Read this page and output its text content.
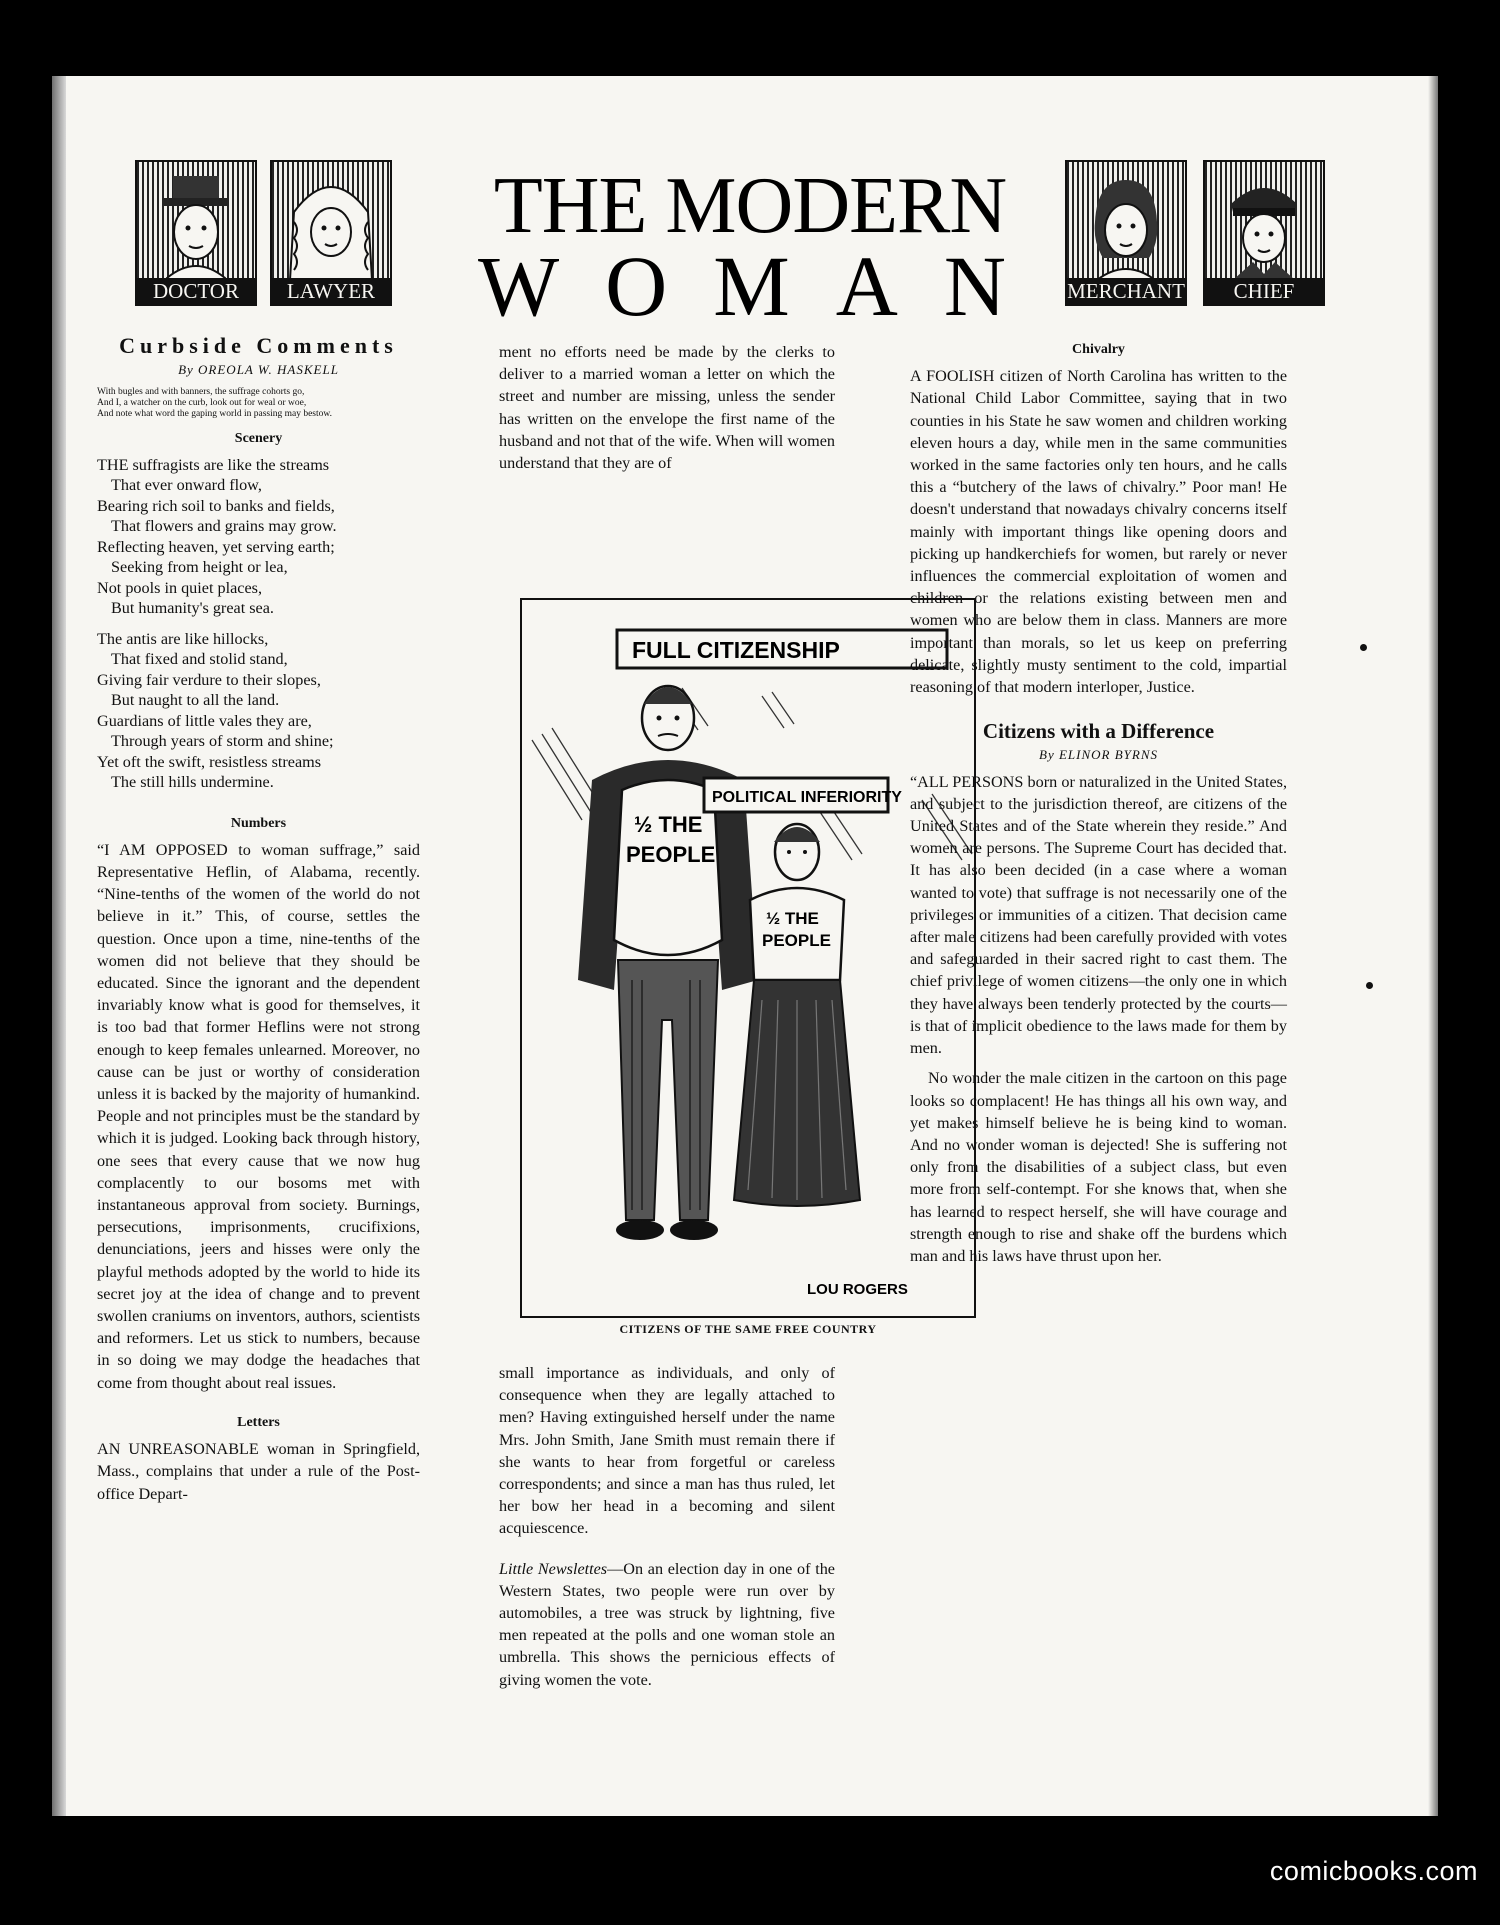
DOCTOR	LAWYER	MERCHANT	CHIEF
THE MODERN
WOMAN
Curbside Comments
By OREOLA W. HASKELL
With bugles and with banners, the suffrage cohorts go,
And I, a watcher on the curb, look out for weal or woe,
And note what word the gaping world in passing may bestow.
Scenery
THE suffragists are like the streams
That ever onward flow,
Bearing rich soil to banks and fields,
That flowers and grains may grow.
Reflecting heaven, yet serving earth;
Seeking from height or lea,
Not pools in quiet places,
But humanity's great sea.
The antis are like hillocks,
That fixed and stolid stand,
Giving fair verdure to their slopes,
But naught to all the land.
Guardians of little vales they are,
Through years of storm and shine;
Yet oft the swift, resistless streams
The still hills undermine.
Numbers

“I AM OPPOSED to woman suffrage,” said Representative Heflin, of Alabama, recently. “Nine-tenths of the women of the world do not believe in it.” This, of course, settles the question. Once upon a time, nine-tenths of the women did not believe that they should be educated. Since the ignorant and the dependent invariably know what is good for themselves, it is too bad that former Heflins were not strong enough to keep females unlearned. Moreover, no cause can be just or worthy of consideration unless it is backed by the majority of humankind. People and not principles must be the standard by which it is judged. Looking back through history, one sees that every cause that we now hug complacently to our bosoms met with instantaneous approval from society. Burnings, persecutions, imprisonments, crucifixions, denunciations, jeers and hisses were only the playful methods adopted by the world to hide its secret joy at the idea of change and to prevent swollen craniums on inventors, authors, scientists and reformers. Let us stick to numbers, because in so doing we may dodge the headaches that come from thought about real issues.

Letters

AN UNREASONABLE woman in Springfield, Mass., complains that under a rule of the Post-office Depart-

ment no efforts need be made by the clerks to deliver to a married woman a letter on which the street and number are missing, unless the sender has written on the envelope the first name of the husband and not that of the wife. When will women understand that they are of

FULL CITIZENSHIP
½ THE
PEOPLE
POLITICAL INFERIORITY
½ THE
PEOPLE
LOU ROGERS
CITIZENS OF THE SAME FREE COUNTRY

small importance as individuals, and only of consequence when they are legally attached to men? Having extinguished herself under the name Mrs. John Smith, Jane Smith must remain there if she wants to hear from forgetful or careless correspondents; and since a man has thus ruled, let her bow her head in a becoming and silent acquiescence.

Little Newslettes—On an election day in one of the Western States, two people were run over by automobiles, a tree was struck by lightning, five men repeated at the polls and one woman stole an umbrella. This shows the pernicious effects of giving women the vote.

Chivalry

A FOOLISH citizen of North Carolina has written to the National Child Labor Committee, saying that in two counties in his State he saw women and children working eleven hours a day, while men in the same communities worked in the same factories only ten hours, and he calls this a “butchery of the laws of chivalry.” Poor man! He doesn't understand that nowadays chivalry concerns itself mainly with important things like opening doors and picking up handkerchiefs for women, but rarely or never influences the commercial exploitation of women and children or the relations existing between men and women who are below them in class. Manners are more important than morals, so let us keep on preferring delicate, slightly musty sentiment to the cold, impartial reasoning of that modern interloper, Justice.

Citizens with a Difference
By ELINOR BYRNS

“ALL PERSONS born or naturalized in the United States, and subject to the jurisdiction thereof, are citizens of the United States and of the State wherein they reside.” And women are persons. The Supreme Court has decided that. It has also been decided (in a case where a woman wanted to vote) that suffrage is not necessarily one of the privileges or immunities of a citizen. That decision came after male citizens had been carefully provided with votes and safeguarded in their sacred right to cast them. The chief privilege of women citizens—the only one in which they have always been tenderly protected by the courts—is that of implicit obedience to the laws made for them by men.

No wonder the male citizen in the cartoon on this page looks so complacent! He has things all his own way, and yet makes himself believe he is being kind to woman. And no wonder woman is dejected! She is suffering not only from the disabilities of a subject class, but even more from self-contempt. For she knows that, when she has learned to respect herself, she will have courage and strength enough to rise and shake off the burdens which man and his laws have thrust upon her.

comicbooks.com
